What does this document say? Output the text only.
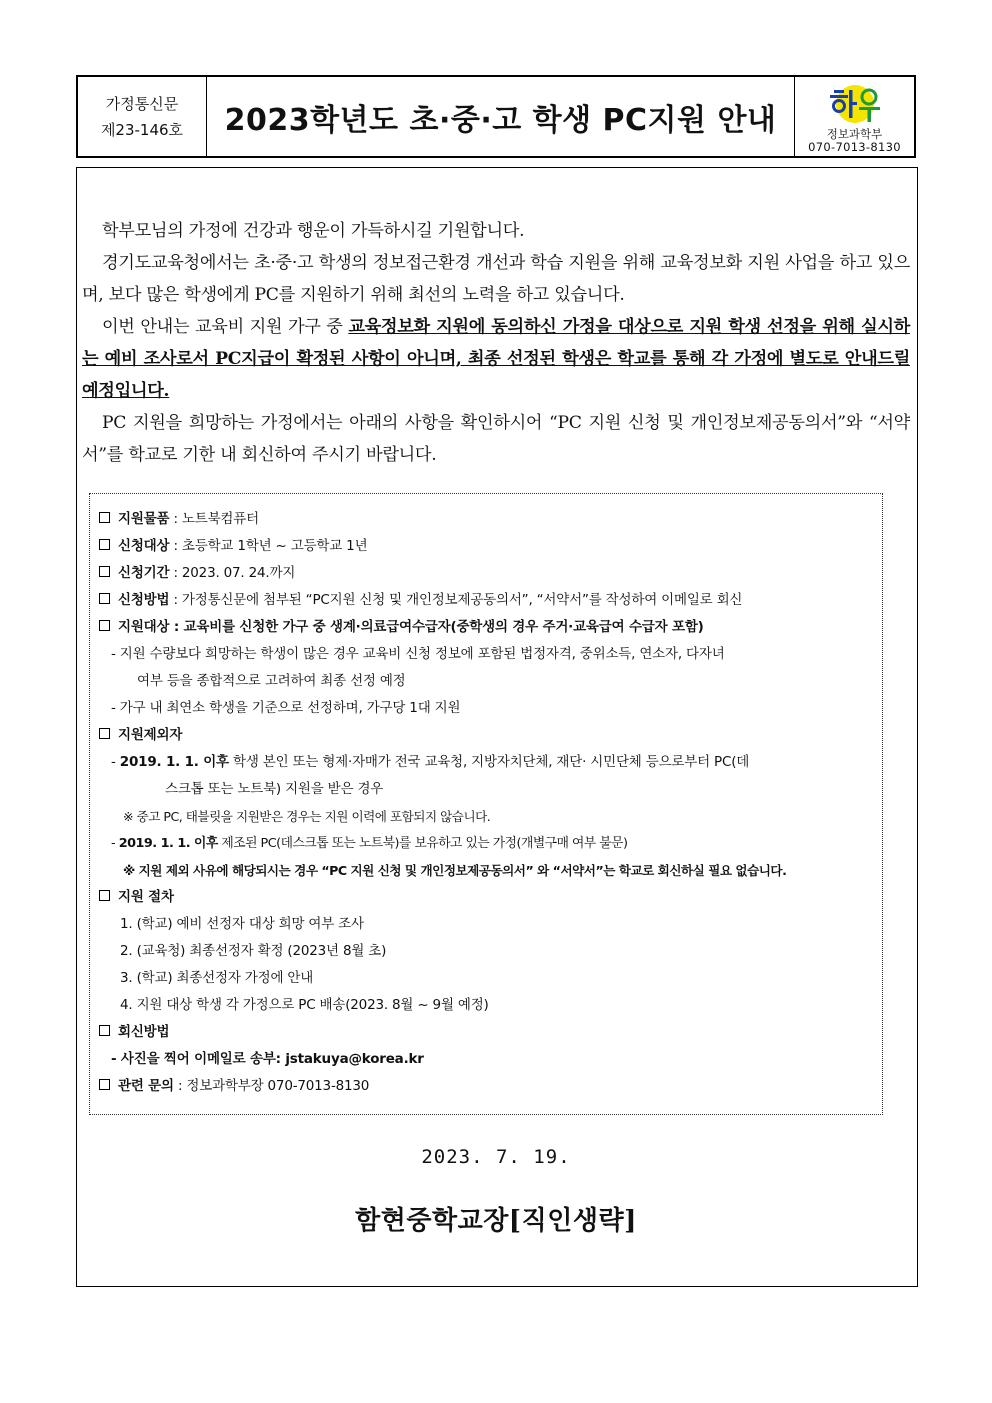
가정통신문
제23-146호	2023학년도 초·중·고 학생 PC지원 안내	정보과학부
070-7013-8130

학부모님의 가정에 건강과 행운이 가득하시길 기원합니다.

경기도교육청에서는 초·중·고 학생의 정보접근환경 개선과 학습 지원을 위해 교육정보화 지원 사업을 하고 있으며, 보다 많은 학생에게 PC를 지원하기 위해 최선의 노력을 하고 있습니다.

이번 안내는 교육비 지원 가구 중 교육정보화 지원에 동의하신 가정을 대상으로 지원 학생 선정을 위해 실시하는 예비 조사로서 PC지급이 확정된 사항이 아니며, 최종 선정된 학생은 학교를 통해 각 가정에 별도로 안내드릴 예정입니다.

PC 지원을 희망하는 가정에서는 아래의 사항을 확인하시어 “PC 지원 신청 및 개인정보제공동의서”와 “서약서”를 학교로 기한 내 회신하여 주시기 바랍니다.

지원물품 : 노트북컴퓨터
신청대상 : 초등학교 1학년 ~ 고등학교 1년
신청기간 : 2023. 07. 24.까지
신청방법 : 가정통신문에 첨부된 “PC지원 신청 및 개인정보제공동의서”, “서약서”를 작성하여 이메일로 회신
지원대상 : 교육비를 신청한 가구 중 생계·의료급여수급자(중학생의 경우 주거·교육급여 수급자 포함)
- 지원 수량보다 희망하는 학생이 많은 경우 교육비 신청 정보에 포함된 법정자격, 중위소득, 연소자, 다자녀
여부 등을 종합적으로 고려하여 최종 선정 예정
- 가구 내 최연소 학생을 기준으로 선정하며, 가구당 1대 지원
지원제외자
- 2019. 1. 1. 이후 학생 본인 또는 형제·자매가 전국 교육청, 지방자치단체, 재단· 시민단체 등으로부터 PC(데
스크톱 또는 노트북) 지원을 받은 경우
※ 중고 PC, 태블릿을 지원받은 경우는 지원 이력에 포함되지 않습니다.
- 2019. 1. 1. 이후 제조된 PC(데스크톱 또는 노트북)를 보유하고 있는 가정(개별구매 여부 불문)
※ 지원 제외 사유에 해당되시는 경우 “PC 지원 신청 및 개인정보제공동의서” 와 “서약서”는 학교로 회신하실 필요 없습니다.
지원 절차
1. (학교) 예비 선정자 대상 희망 여부 조사
2. (교육청) 최종선정자 확정 (2023년 8월 초)
3. (학교) 최종선정자 가정에 안내
4. 지원 대상 학생 각 가정으로 PC 배송(2023. 8월 ~ 9월 예정)
회신방법
- 사진을 찍어 이메일로 송부: jstakuya@korea.kr
관련 문의 : 정보과학부장 070-7013-8130
2023. 7. 19.
함현중학교장[직인생략]
